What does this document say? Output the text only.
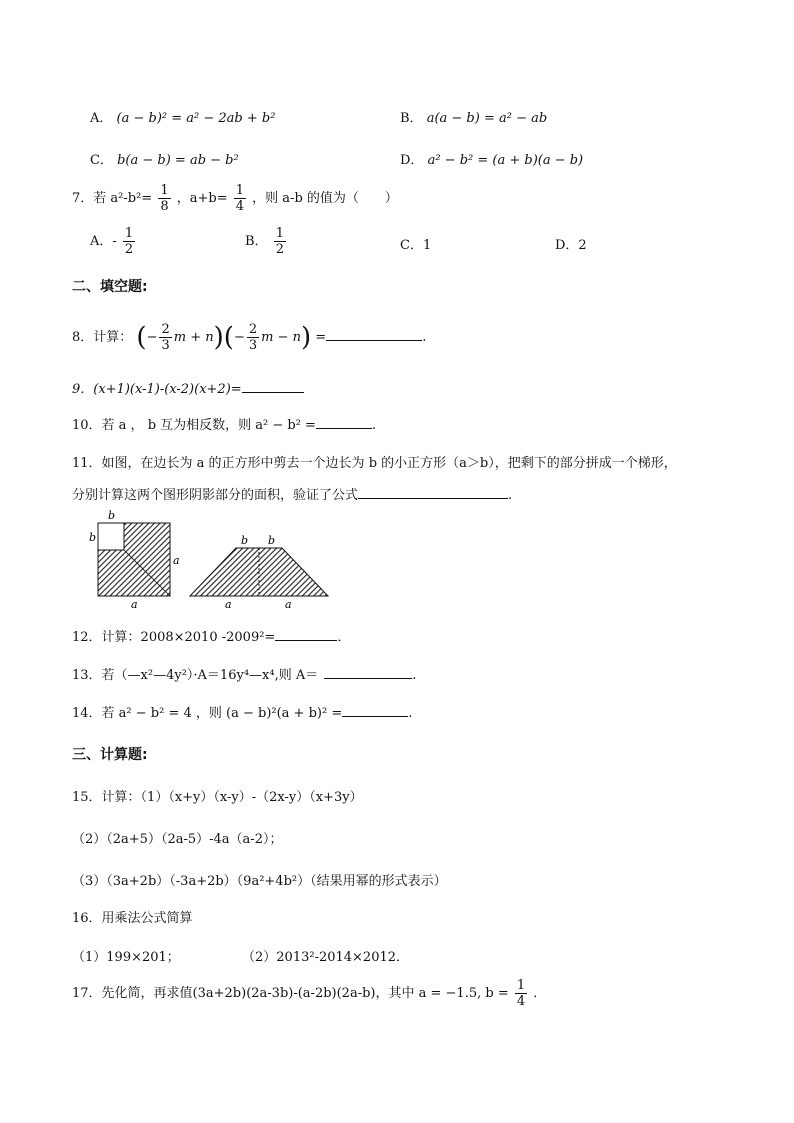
A． (a − b)² = a² − 2ab + b²	B． a(a − b) = a² − ab
C． b(a − b) = ab − b²	D． a² − b² = (a + b)(a − b)
7．若 $a^2-b^2= \frac{1}{8}$ ，$a+b= \frac{1}{4}$ ，则 a-b 的值为（　　）
A．- $\frac{1}{2}$	B． $\frac{1}{2}$	C．1	D．2
二、填空题:
8．计算： (− $\frac{2}{3}$ $m + n)(- \frac{2}{3}$ m − n) =	.
9．(x+1)(x-1)-(x-2)(x+2)=
10．若 a ， b 互为相反数，则 a² − b² =	.
11．如图，在边长为 a 的正方形中剪去一个边长为 b 的小正方形（a＞b），把剩下的部分拼成一个梯形，
分别计算这两个图形阴影部分的面积，验证了公式	.
b
b
a
a
b b
a	a
12．计算：2008×2010 -2009²=	．
13．若（—x²—4y²）·A＝16y⁴—x⁴,则 A＝	.
14．若 a² − b² = 4 ，则 (a − b)²(a + b)² =	.
三、计算题:
15．计算：（1）（x+y）（x-y）-（2x-y）（x+3y）
（2）（2a+5）（2a-5）-4a（a-2）；
（3）（3a+2b）（-3a+2b）（9a²+4b²）（结果用幂的形式表示）
16．用乘法公式简算
（1）199×201；	（2）2013²-2014×2012．
17．先化简，再求值(3a+2b)(2a-3b)-(a-2b)(2a-b)，其中 a = −1.5, $b = \frac{1}{4}$ ．
